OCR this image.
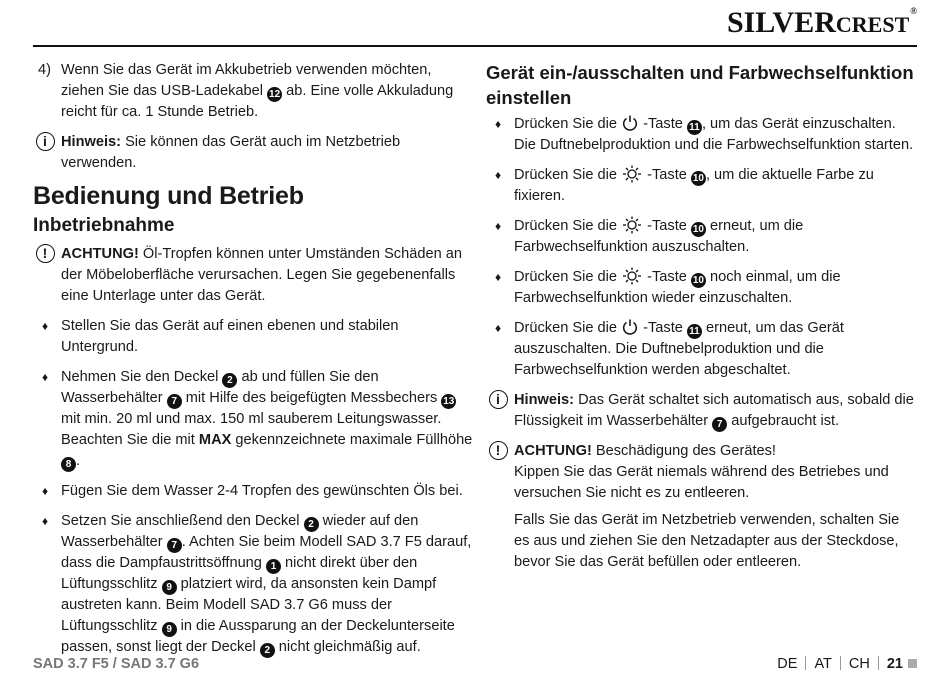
SILVERCREST®
4) Wenn Sie das Gerät im Akkubetrieb verwenden möchten, ziehen Sie das USB-Ladekabel 12 ab. Eine volle Akkuladung reicht für ca. 1 Stunde Betrieb.

i Hinweis: Sie können das Gerät auch im Netzbetrieb verwenden.

Bedienung und Betrieb
Inbetriebnahme
! ACHTUNG! Öl-Tropfen können unter Umständen Schäden an der Möbeloberfläche verursachen. Legen Sie gegebenenfalls eine Unterlage unter das Gerät.

♦ Stellen Sie das Gerät auf einen ebenen und stabilen Untergrund.

♦ Nehmen Sie den Deckel 2 ab und füllen Sie den Wasserbehälter 7 mit Hilfe des beigefügten Messbechers 13 mit min. 20 ml und max. 150 ml sauberem Leitungswasser. Beachten Sie die mit MAX gekennzeichnete maximale Füllhöhe 8 .

♦ Fügen Sie dem Wasser 2-4 Tropfen des gewünschten Öls bei.

♦ Setzen Sie anschließend den Deckel 2 wieder auf den Wasserbehälter 7 . Achten Sie beim Modell SAD 3.7 F5 darauf, dass die Dampfaustrittsöffnung 1 nicht direkt über den Lüftungsschlitz 9 platziert wird, da ansonsten kein Dampf austreten kann. Beim Modell SAD 3.7 G6 muss der Lüftungsschlitz 9 in die Aussparung an der Deckelunterseite passen, sonst liegt der Deckel 2 nicht gleichmäßig auf.

Gerät ein-/ausschalten und Farbwechselfunktion einstellen
♦ Drücken Sie die  -Taste 11 , um das Gerät einzuschalten. Die Duftnebelproduktion und die Farbwechselfunktion starten.

♦ Drücken Sie die  -Taste 10 , um die aktuelle Farbe zu fixieren.

♦ Drücken Sie die  -Taste 10 erneut, um die Farbwechselfunktion auszuschalten.

♦ Drücken Sie die  -Taste 10 noch einmal, um die Farbwechselfunktion wieder einzuschalten.

♦ Drücken Sie die  -Taste 11 erneut, um das Gerät auszuschalten. Die Duftnebelproduktion und die Farbwechselfunktion werden abgeschaltet.

i Hinweis: Das Gerät schaltet sich automatisch aus, sobald die Flüssigkeit im Wasserbehälter 7 aufgebraucht ist.

! ACHTUNG! Beschädigung des Gerätes!

Kippen Sie das Gerät niemals während des Betriebes und versuchen Sie nicht es zu entleeren.

Falls Sie das Gerät im Netzbetrieb verwenden, schalten Sie es aus und ziehen Sie den Netzadapter aus der Steckdose, bevor Sie das Gerät befüllen oder entleeren.

SAD 3.7 F5 / SAD 3.7 G6	DE AT CH 21
